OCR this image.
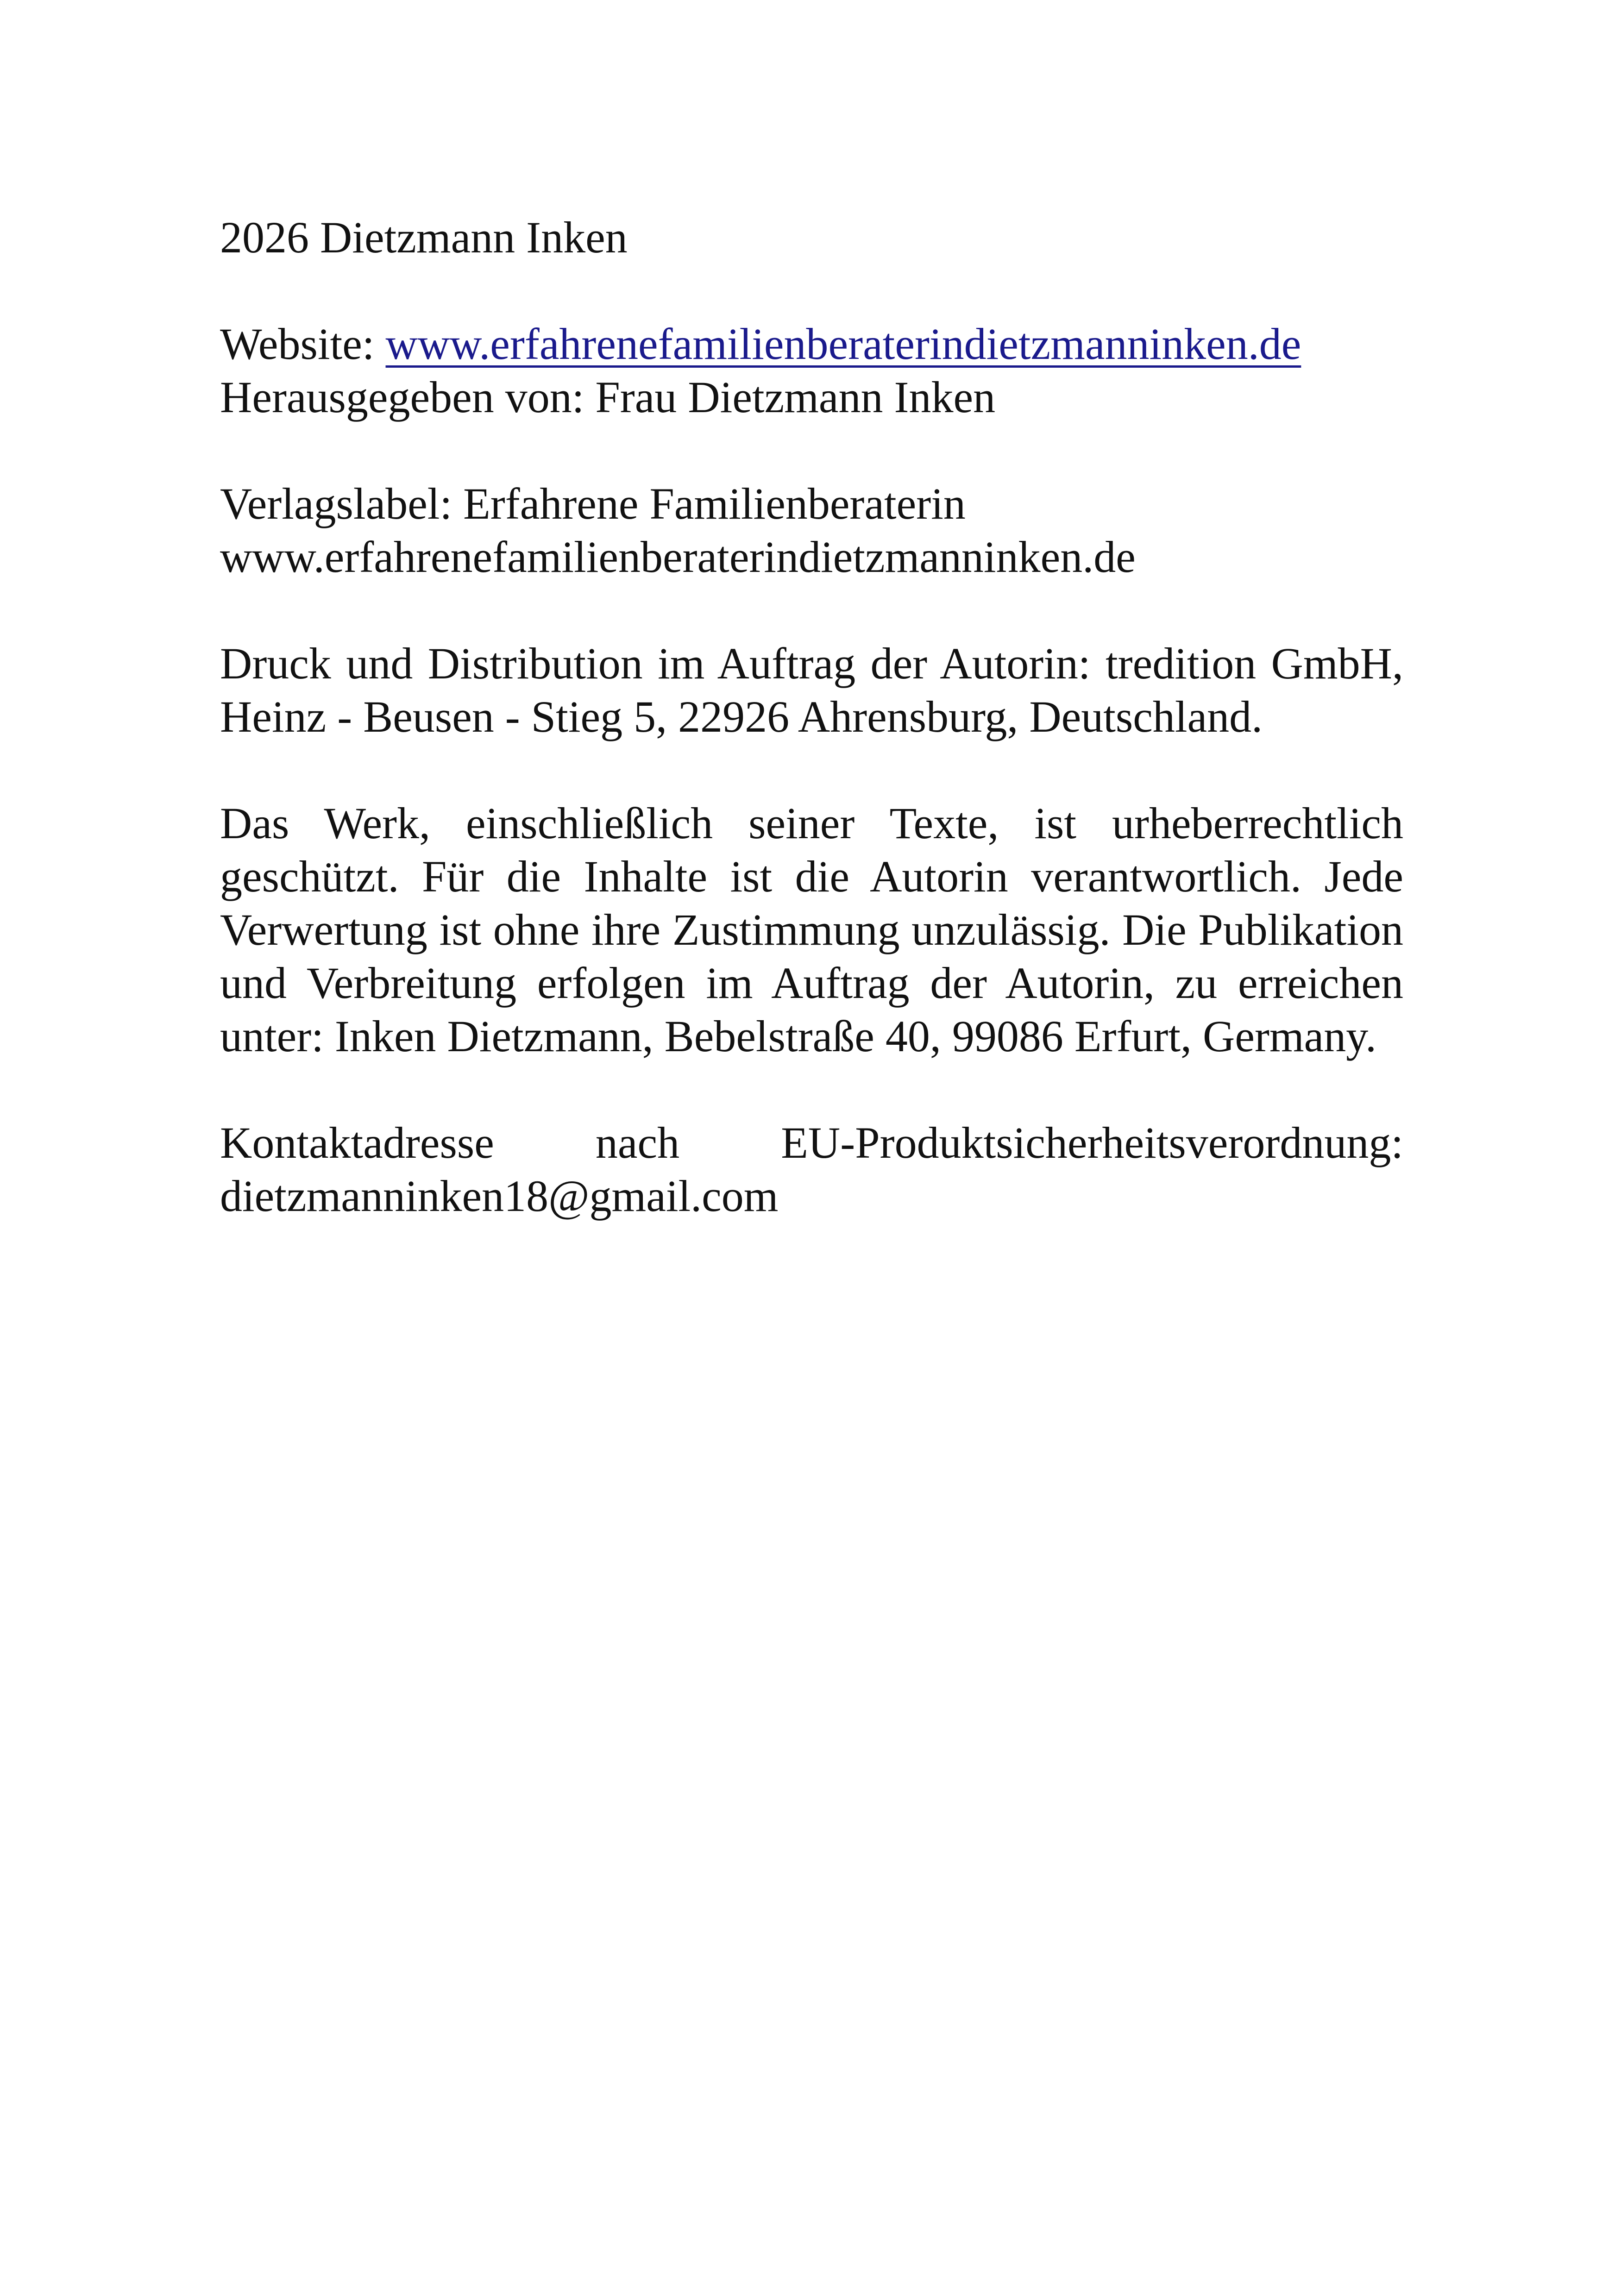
2026 Dietzmann Inken
Website: www.erfahrenefamilienberaterindietzmanninken.de
Herausgegeben von: Frau Dietzmann Inken
Verlagslabel: Erfahrene Familienberaterin
www.erfahrenefamilienberaterindietzmanninken.de
Druck und Distribution im Auftrag der Autorin: tredition GmbH, Heinz - Beusen - Stieg 5, 22926 Ahrensburg, Deutschland.
Das Werk, einschließlich seiner Texte, ist urheberrechtlich geschützt. Für die Inhalte ist die Autorin verantwortlich. Jede Verwertung ist ohne ihre Zustimmung unzulässig. Die Publikation und Verbreitung erfolgen im Auftrag der Autorin, zu erreichen unter: Inken Dietzmann, Bebelstraße 40, 99086 Erfurt, Germany.
Kontaktadresse nach EU-Produktsicherheitsverordnung:
dietzmanninken18@gmail.com
